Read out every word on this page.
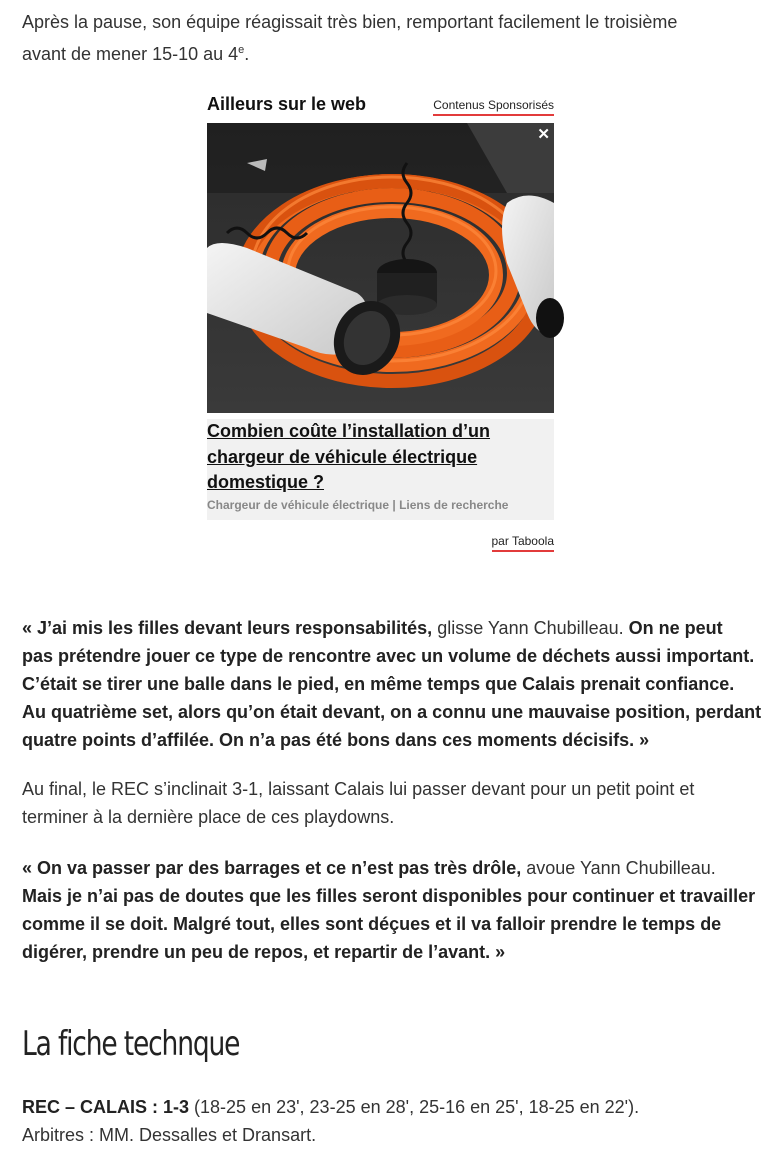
Après la pause, son équipe réagissait très bien, remportant facilement le troisième
avant de mener 15-10 au 4e.

Ailleurs sur le web	Contenus Sponsorisés
✕
Combien coûte l’installation d’un chargeur de véhicule électrique domestique ?
Chargeur de véhicule électrique | Liens de recherche
par Taboola

« J’ai mis les filles devant leurs responsabilités, glisse Yann Chubilleau. On ne peut
pas prétendre jouer ce type de rencontre avec un volume de déchets aussi important.
C’était se tirer une balle dans le pied, en même temps que Calais prenait confiance.
Au quatrième set, alors qu’on était devant, on a connu une mauvaise position, perdant
quatre points d’affilée. On n’a pas été bons dans ces moments décisifs. »

Au final, le REC s’inclinait 3-1, laissant Calais lui passer devant pour un petit point et
terminer à la dernière place de ces playdowns.

« On va passer par des barrages et ce n’est pas très drôle, avoue Yann Chubilleau.
Mais je n’ai pas de doutes que les filles seront disponibles pour continuer et travailler
comme il se doit. Malgré tout, elles sont déçues et il va falloir prendre le temps de
digérer, prendre un peu de repos, et repartir de l’avant. »

La fiche technque

REC – CALAIS : 1-3 (18-25 en 23', 23-25 en 28', 25-16 en 25', 18-25 en 22').
Arbitres : MM. Dessalles et Dransart.
